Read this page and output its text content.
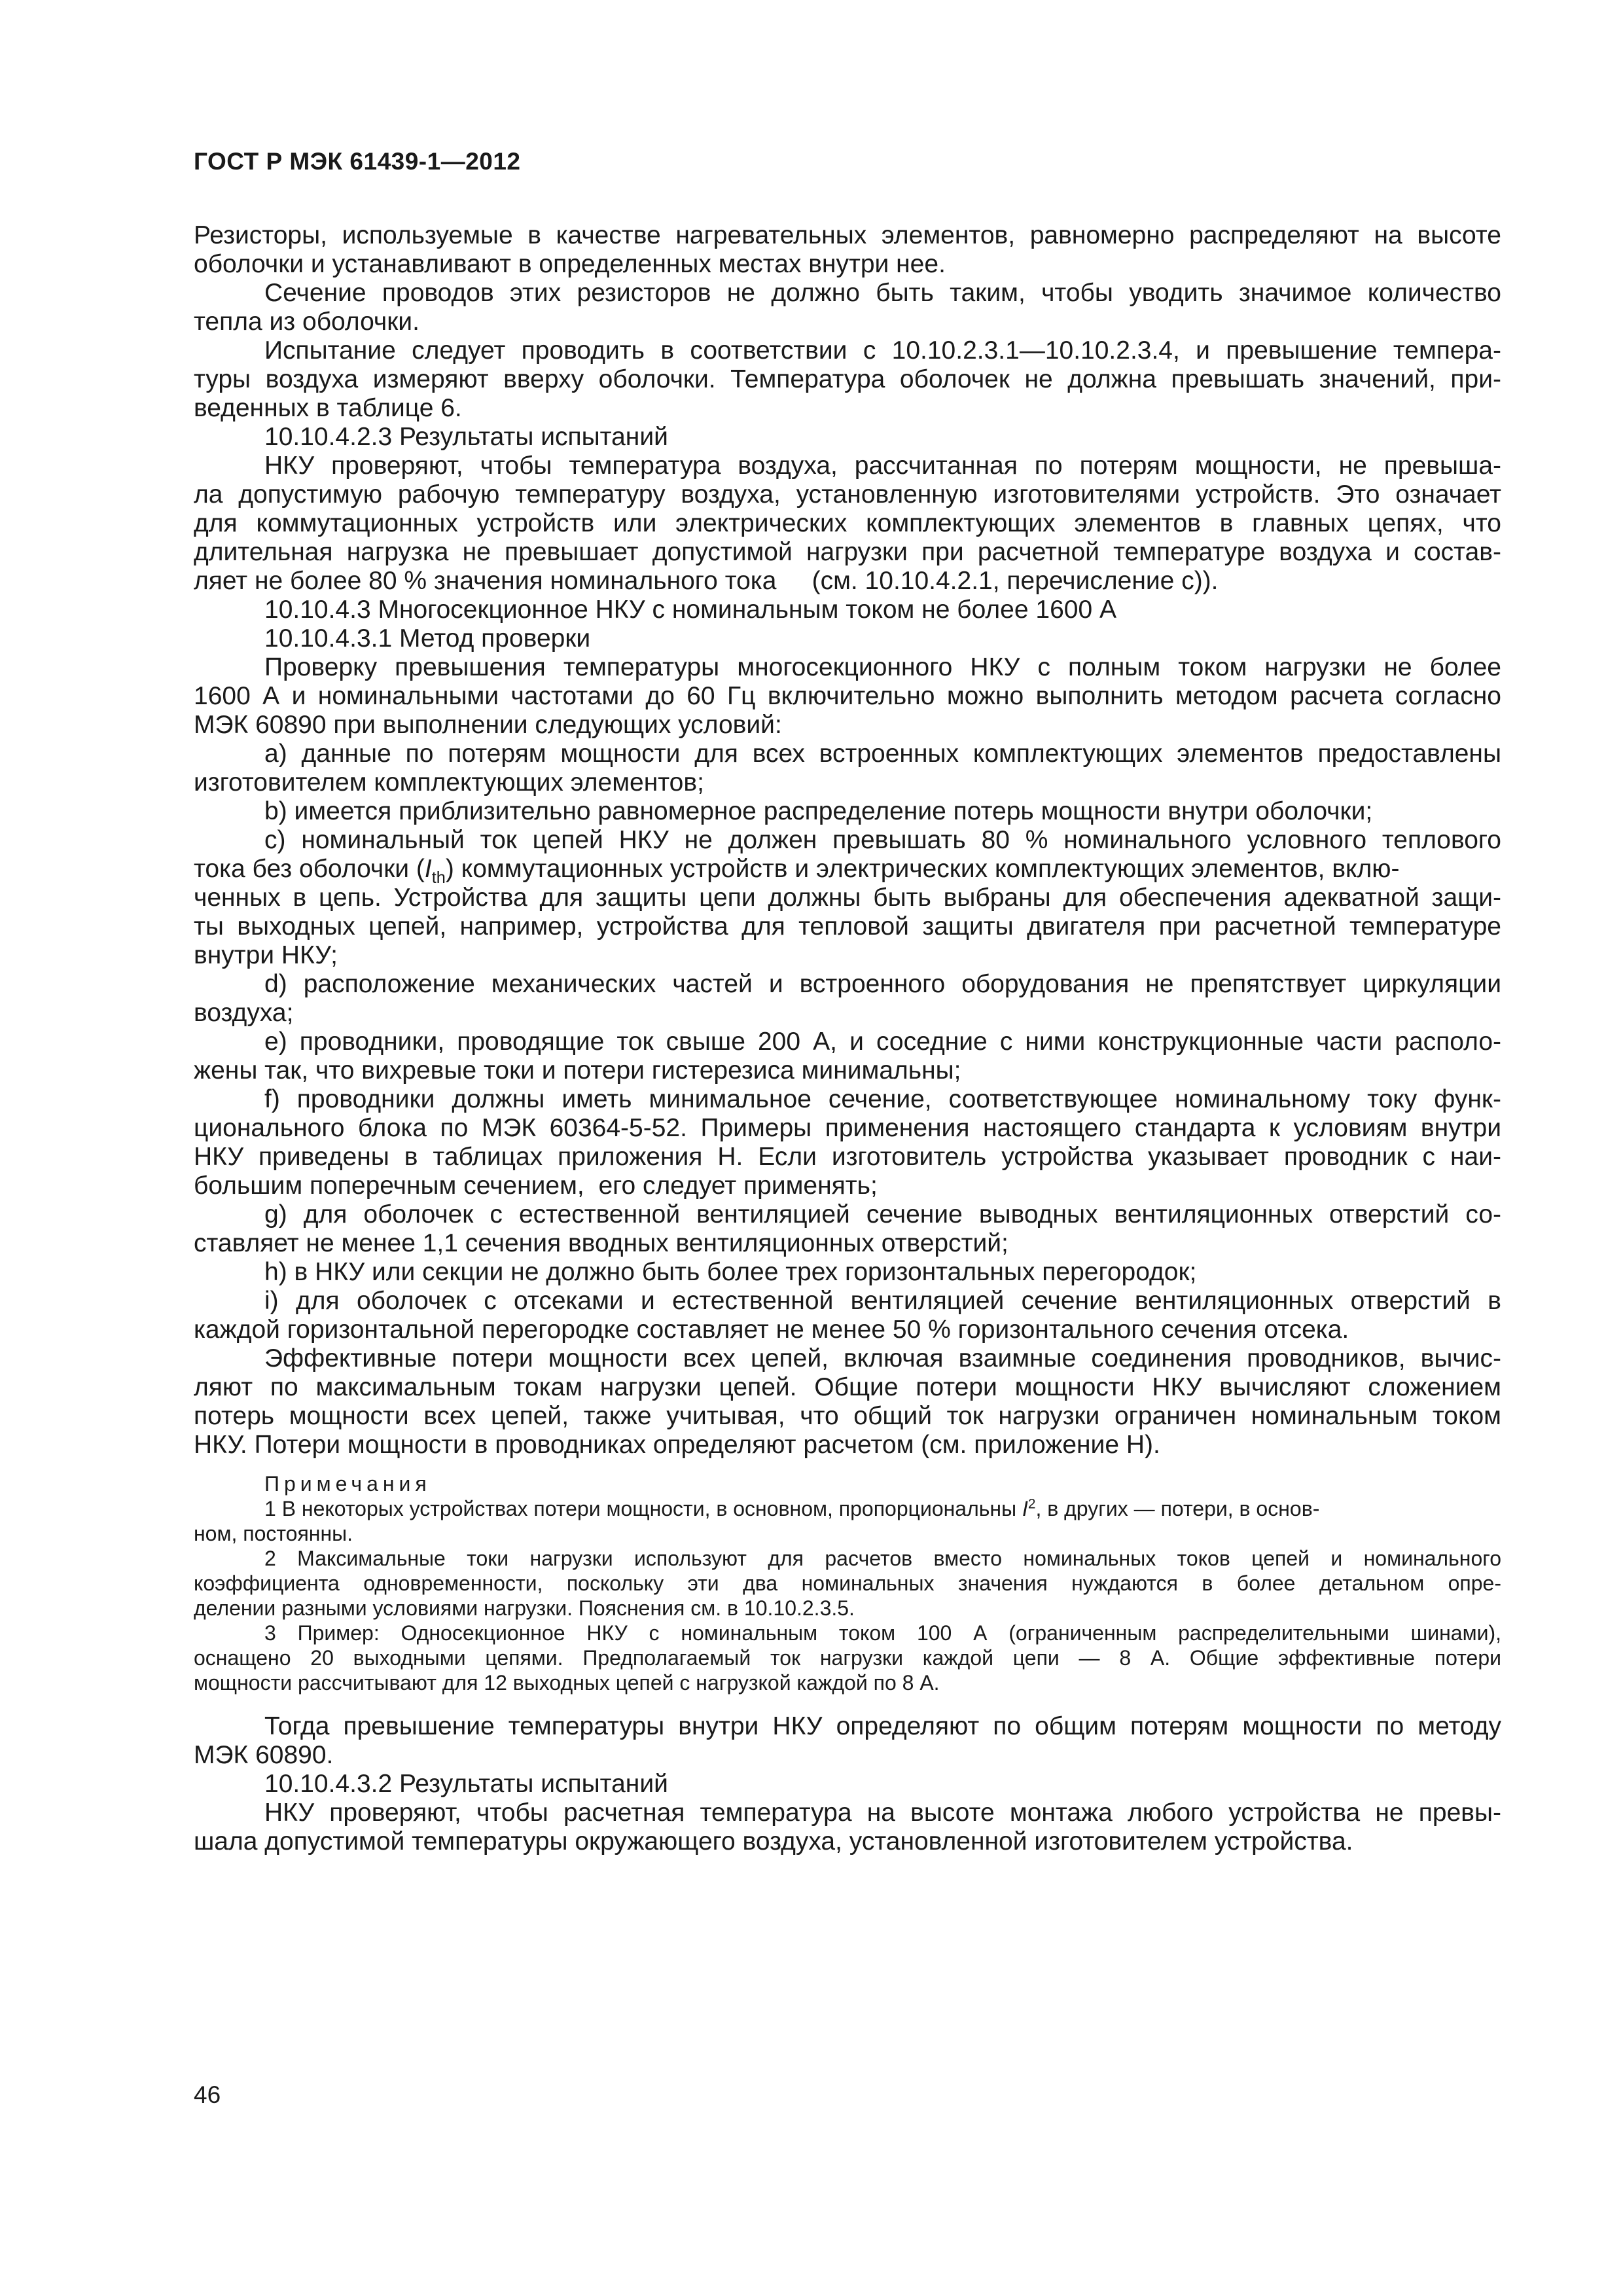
ГОСТ Р МЭК 61439-1—2012
Резисторы, используемые в качестве нагревательных элементов, равномерно распределяют на высоте
оболочки и устанавливают в определенных местах внутри нее.
Сечение проводов этих резисторов не должно быть таким, чтобы уводить значимое количество
тепла из оболочки.
Испытание следует проводить в соответствии с 10.10.2.3.1—10.10.2.3.4, и превышение темпера-
туры воздуха измеряют вверху оболочки. Температура оболочек не должна превышать значений, при-
веденных в таблице 6.
10.10.4.2.3 Результаты испытаний
НКУ проверяют, чтобы температура воздуха, рассчитанная по потерям мощности, не превыша-
ла допустимую рабочую температуру воздуха, установленную изготовителями устройств. Это означает
для коммутационных устройств или электрических комплектующих элементов в главных цепях, что
длительная нагрузка не превышает допустимой нагрузки при расчетной температуре воздуха и состав-
ляет не более 80 % значения номинального тока     (см. 10.10.4.2.1, перечисление с)).
10.10.4.3 Многосекционное НКУ с номинальным током не более 1600 А
10.10.4.3.1 Метод проверки
Проверку превышения температуры многосекционного НКУ с полным током нагрузки не более
1600 А и номинальными частотами до 60 Гц включительно можно выполнить методом расчета согласно
МЭК 60890 при выполнении следующих условий:
а) данные по потерям мощности для всех встроенных комплектующих элементов предоставлены
изготовителем комплектующих элементов;
b) имеется приблизительно равномерное распределение потерь мощности внутри оболочки;
с) номинальный ток цепей НКУ не должен превышать 80 % номинального условного теплового
тока без оболочки $(I_{th})$ коммутационных устройств и электрических комплектующих элементов, вклю-
ченных в цепь. Устройства для защиты цепи должны быть выбраны для обеспечения адекватной защи-
ты выходных цепей, например, устройства для тепловой защиты двигателя при расчетной температуре
внутри НКУ;
d) расположение механических частей и встроенного оборудования не препятствует циркуляции
воздуха;
е) проводники, проводящие ток свыше 200 А, и соседние с ними конструкционные части располо-
жены так, что вихревые токи и потери гистерезиса минимальны;
f) проводники должны иметь минимальное сечение, соответствующее номинальному току функ-
ционального блока по МЭК 60364-5-52. Примеры применения настоящего стандарта к условиям внутри
НКУ приведены в таблицах приложения Н. Если изготовитель устройства указывает проводник с наи-
большим поперечным сечением,  его следует применять;
g) для оболочек с естественной вентиляцией сечение выводных вентиляционных отверстий со-
ставляет не менее 1,1 сечения вводных вентиляционных отверстий;
h) в НКУ или секции не должно быть более трех горизонтальных перегородок;
i) для оболочек с отсеками и естественной вентиляцией сечение вентиляционных отверстий в
каждой горизонтальной перегородке составляет не менее 50 % горизонтального сечения отсека.
Эффективные потери мощности всех цепей, включая взаимные соединения проводников, вычис-
ляют по максимальным токам нагрузки цепей. Общие потери мощности НКУ вычисляют сложением
потерь мощности всех цепей, также учитывая, что общий ток нагрузки ограничен номинальным током
НКУ. Потери мощности в проводниках определяют расчетом (см. приложение Н).
Примечания
1 В некоторых устройствах потери мощности, в основном, пропорциональны $I^2$, в других — потери, в основ-
ном, постоянны.
2 Максимальные токи нагрузки используют для расчетов вместо номинальных токов цепей и номинального
коэффициента одновременности, поскольку эти два номинальных значения нуждаются в более детальном опре-
делении разными условиями нагрузки. Пояснения см. в 10.10.2.3.5.
3 Пример: Односекционное НКУ с номинальным током 100 А (ограниченным распределительными шинами),
оснащено 20 выходными цепями. Предполагаемый ток нагрузки каждой цепи — 8 А. Общие эффективные потери
мощности рассчитывают для 12 выходных цепей с нагрузкой каждой по 8 А.
Тогда превышение температуры внутри НКУ определяют по общим потерям мощности по методу
МЭК 60890.
10.10.4.3.2 Результаты испытаний
НКУ проверяют, чтобы расчетная температура на высоте монтажа любого устройства не превы-
шала допустимой температуры окружающего воздуха, установленной изготовителем устройства.
46
